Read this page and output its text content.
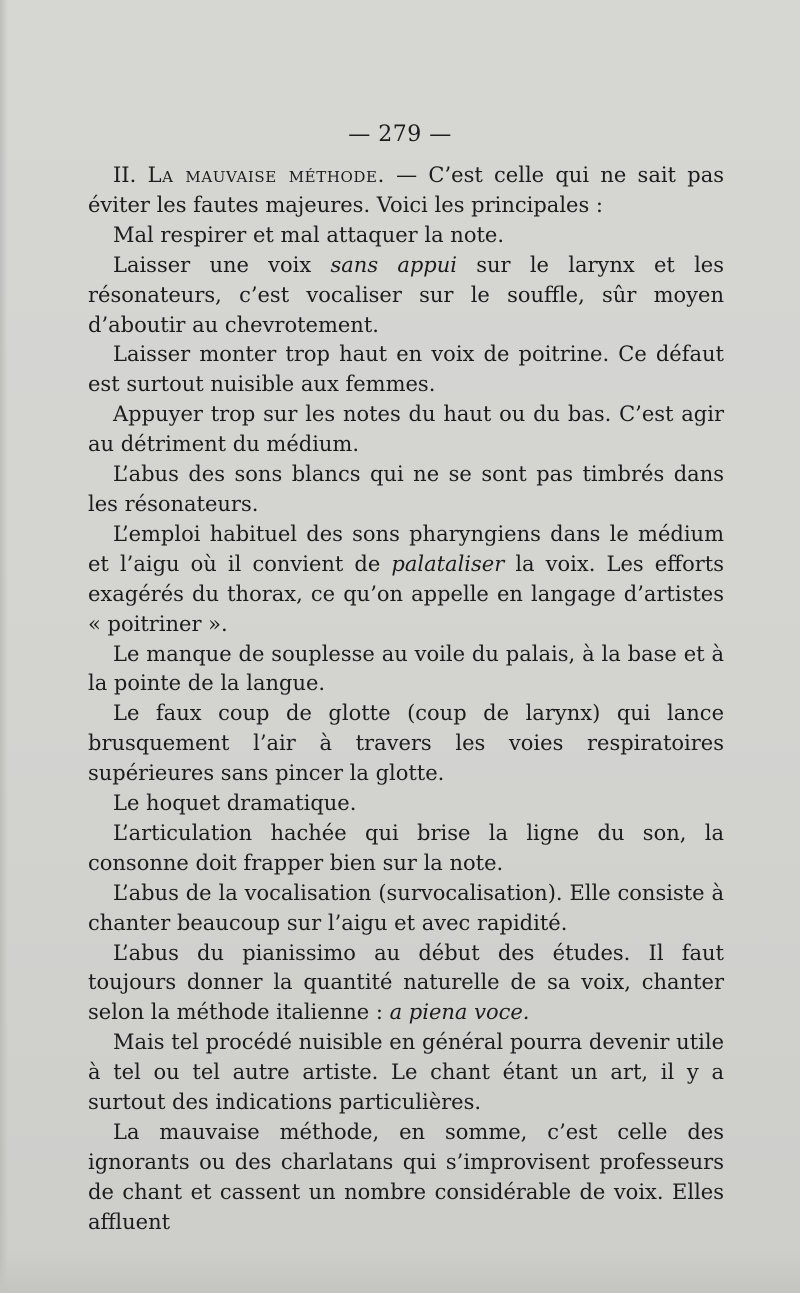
— 279 —

II. La mauvaise méthode. — C’est celle qui ne sait pas éviter les fautes majeures. Voici les principales :

Mal respirer et mal attaquer la note.

Laisser une voix sans appui sur le larynx et les résonateurs, c’est vocaliser sur le souffle, sûr moyen d’aboutir au chevrotement.

Laisser monter trop haut en voix de poitrine. Ce défaut est surtout nuisible aux femmes.

Appuyer trop sur les notes du haut ou du bas. C’est agir au détriment du médium.

L’abus des sons blancs qui ne se sont pas timbrés dans les résonateurs.

L’emploi habituel des sons pharyngiens dans le médium et l’aigu où il convient de palataliser la voix. Les efforts exagérés du thorax, ce qu’on appelle en langage d’artistes « poitriner ».

Le manque de souplesse au voile du palais, à la base et à la pointe de la langue.

Le faux coup de glotte (coup de larynx) qui lance brusquement l’air à travers les voies respiratoires supérieures sans pincer la glotte.

Le hoquet dramatique.

L’articulation hachée qui brise la ligne du son, la consonne doit frapper bien sur la note.

L’abus de la vocalisation (survocalisation). Elle consiste à chanter beaucoup sur l’aigu et avec rapidité.

L’abus du pianissimo au début des études. Il faut toujours donner la quantité naturelle de sa voix, chanter selon la méthode italienne : a piena voce.

Mais tel procédé nuisible en général pourra devenir utile à tel ou tel autre artiste. Le chant étant un art, il y a surtout des indications particulières.

La mauvaise méthode, en somme, c’est celle des ignorants ou des charlatans qui s’improvisent professeurs de chant et cassent un nombre considérable de voix. Elles affluent
